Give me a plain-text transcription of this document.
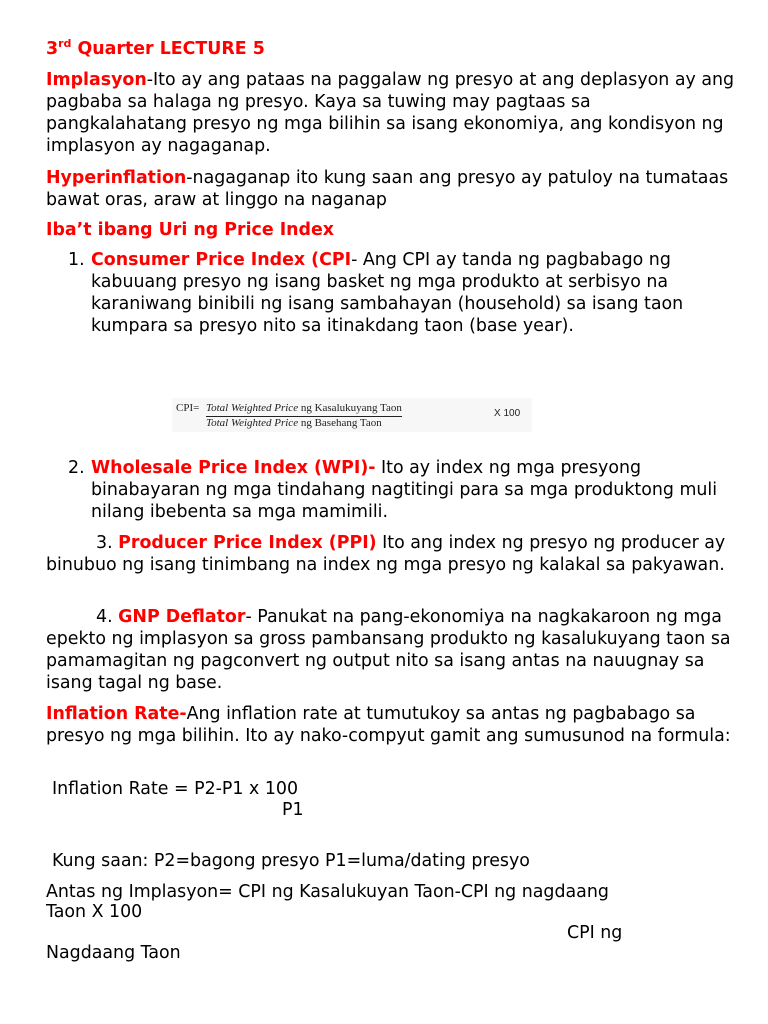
3rd Quarter LECTURE 5

Implasyon-Ito ay ang pataas na paggalaw ng presyo at ang deplasyon ay ang pagbaba sa halaga ng presyo. Kaya sa tuwing may pagtaas sa pangkalahatang presyo ng mga bilihin sa isang ekonomiya, ang kondisyon ng implasyon ay nagaganap.

Hyperinflation-nagaganap ito kung saan ang presyo ay patuloy na tumataas bawat oras, araw at linggo na naganap

Iba’t ibang Uri ng Price Index

1. Consumer Price Index (CPI- Ang CPI ay tanda ng pagbabago ng kabuuang presyo ng isang basket ng mga produkto at serbisyo na karaniwang binibili ng isang sambahayan (household) sa isang taon kumpara sa presyo nito sa itinakdang taon (base year).
CPI= Total Weighted Price ng Kasalukuyang Taon
Total Weighted Price ng Basehang Taon
X 100
2. Wholesale Price Index (WPI)- Ito ay index ng mga presyong binabayaran ng mga tindahang nagtitingi para sa mga produktong muli nilang ibebenta sa mga mamimili.

3. Producer Price Index (PPI) Ito ang index ng presyo ng producer ay binubuo ng isang tinimbang na index ng mga presyo ng kalakal sa pakyawan.

4. GNP Deflator- Panukat na pang-ekonomiya na nagkakaroon ng mga epekto ng implasyon sa gross pambansang produkto ng kasalukuyang taon sa pamamagitan ng pagconvert ng output nito sa isang antas na nauugnay sa isang tagal ng base.

Inflation Rate-Ang inflation rate at tumutukoy sa antas ng pagbabago sa presyo ng mga bilihin. Ito ay nako-compyut gamit ang sumusunod na formula:

Inflation Rate = P2-P1 x 100

P1

Kung saan: P2=bagong presyo P1=luma/dating presyo

Antas ng Implasyon= CPI ng Kasalukuyan Taon-CPI ng nagdaang

Taon X 100

CPI ng

Nagdaang Taon
